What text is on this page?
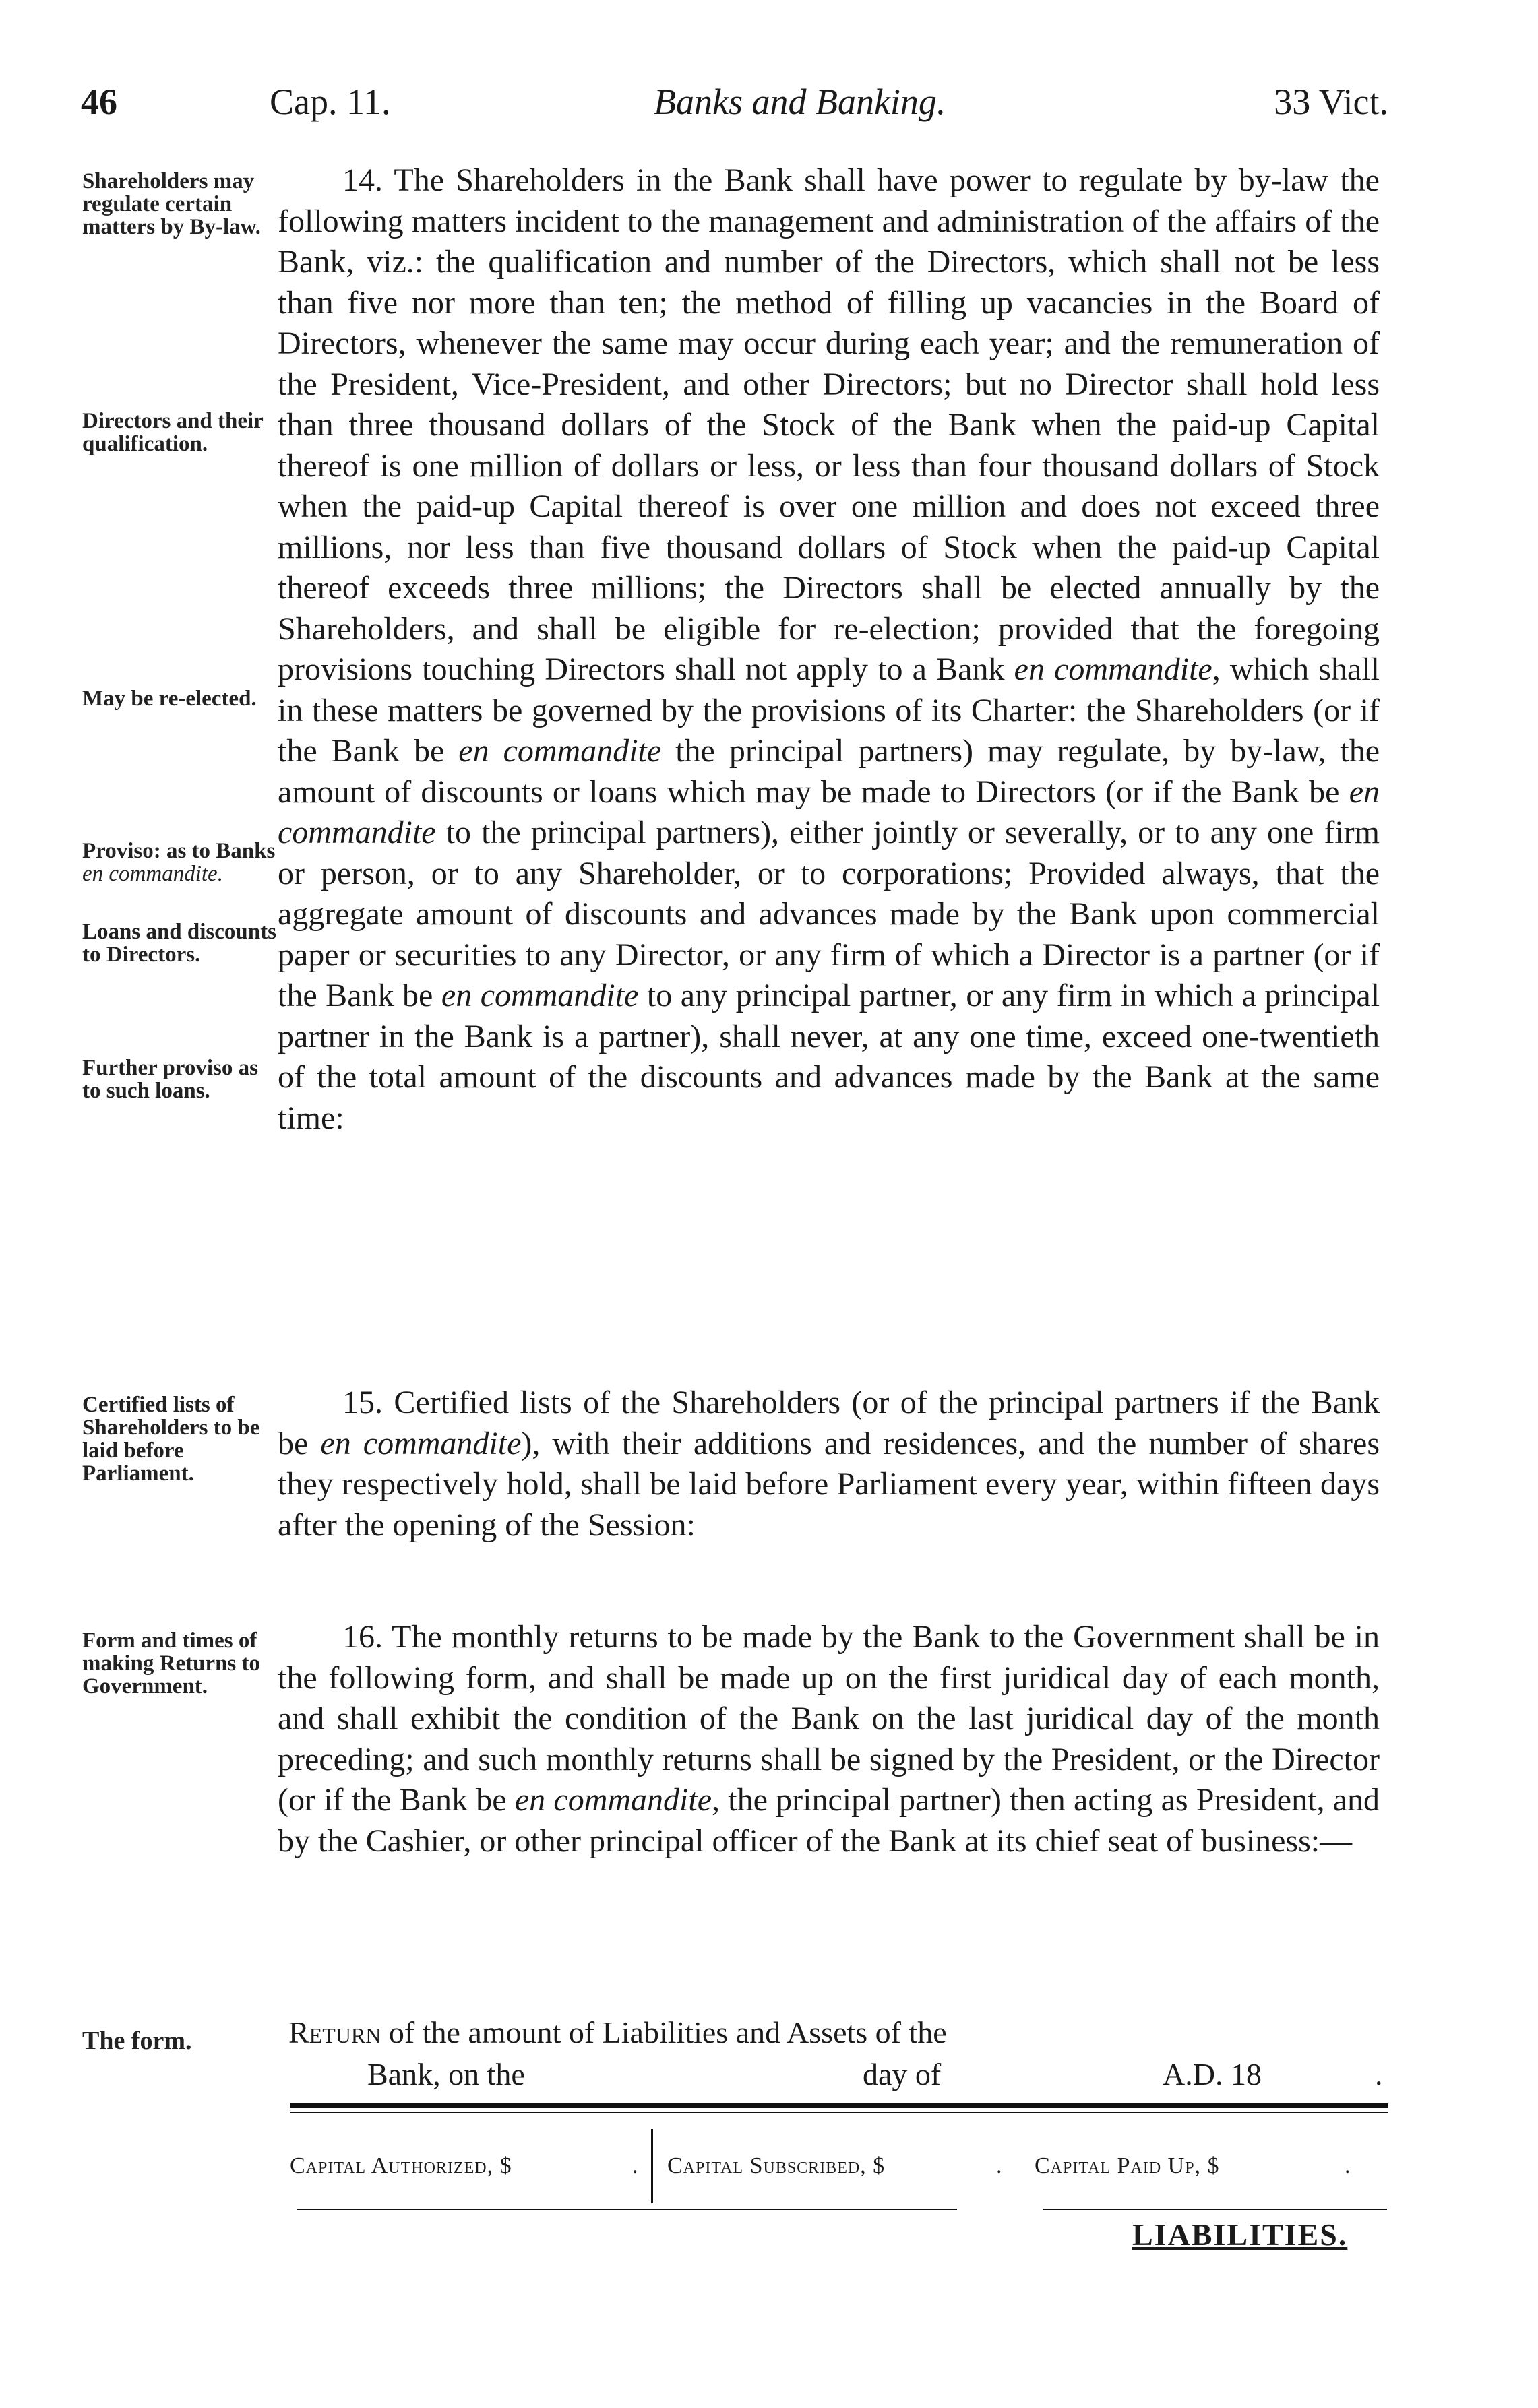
46	Cap. 11.	Banks and Banking.	33 Vict.
Shareholders may regulate certain matters by By-law.
Directors and their qualification.
May be re-elected.
Proviso: as to Banks en commandite.
Loans and discounts to Directors.
Further proviso as to such loans.

14. The Shareholders in the Bank shall have power to regulate by by-law the following matters incident to the management and administration of the affairs of the Bank, viz.: the qualification and number of the Directors, which shall not be less than five nor more than ten; the method of filling up vacancies in the Board of Directors, whenever the same may occur during each year; and the remuneration of the President, Vice-President, and other Directors; but no Director shall hold less than three thousand dollars of the Stock of the Bank when the paid-up Capital thereof is one million of dollars or less, or less than four thousand dollars of Stock when the paid-up Capital thereof is over one million and does not exceed three millions, nor less than five thousand dollars of Stock when the paid-up Capital thereof exceeds three millions; the Directors shall be elected annually by the Shareholders, and shall be eligible for re-election; provided that the foregoing provisions touching Directors shall not apply to a Bank en commandite, which shall in these matters be governed by the provisions of its Charter: the Shareholders (or if the Bank be en commandite the principal partners) may regulate, by by-law, the amount of discounts or loans which may be made to Directors (or if the Bank be en commandite to the principal partners), either jointly or severally, or to any one firm or person, or to any Shareholder, or to corporations; Provided always, that the aggregate amount of discounts and advances made by the Bank upon commercial paper or securities to any Director, or any firm of which a Director is a partner (or if the Bank be en commandite to any principal partner, or any firm in which a principal partner in the Bank is a partner), shall never, at any one time, exceed one-twentieth of the total amount of the discounts and advances made by the Bank at the same time:

Certified lists of Shareholders to be laid before Parliament.

15. Certified lists of the Shareholders (or of the principal partners if the Bank be en commandite), with their additions and residences, and the number of shares they respectively hold, shall be laid before Parliament every year, within fifteen days after the opening of the Session:

Form and times of making Returns to Government.

16. The monthly returns to be made by the Bank to the Government shall be in the following form, and shall be made up on the first juridical day of each month, and shall exhibit the condition of the Bank on the last juridical day of the month preceding; and such monthly returns shall be signed by the President, or the Director (or if the Bank be en commandite, the principal partner) then acting as President, and by the Cashier, or other principal officer of the Bank at its chief seat of business:—

The form.	Return of the amount of Liabilities and Assets of the
Bank, on the	day of	A.D. 18	.
Capital Authorized, $	. Capital Subscribed, $	. Capital Paid Up, $	.
LIABILITIES.
